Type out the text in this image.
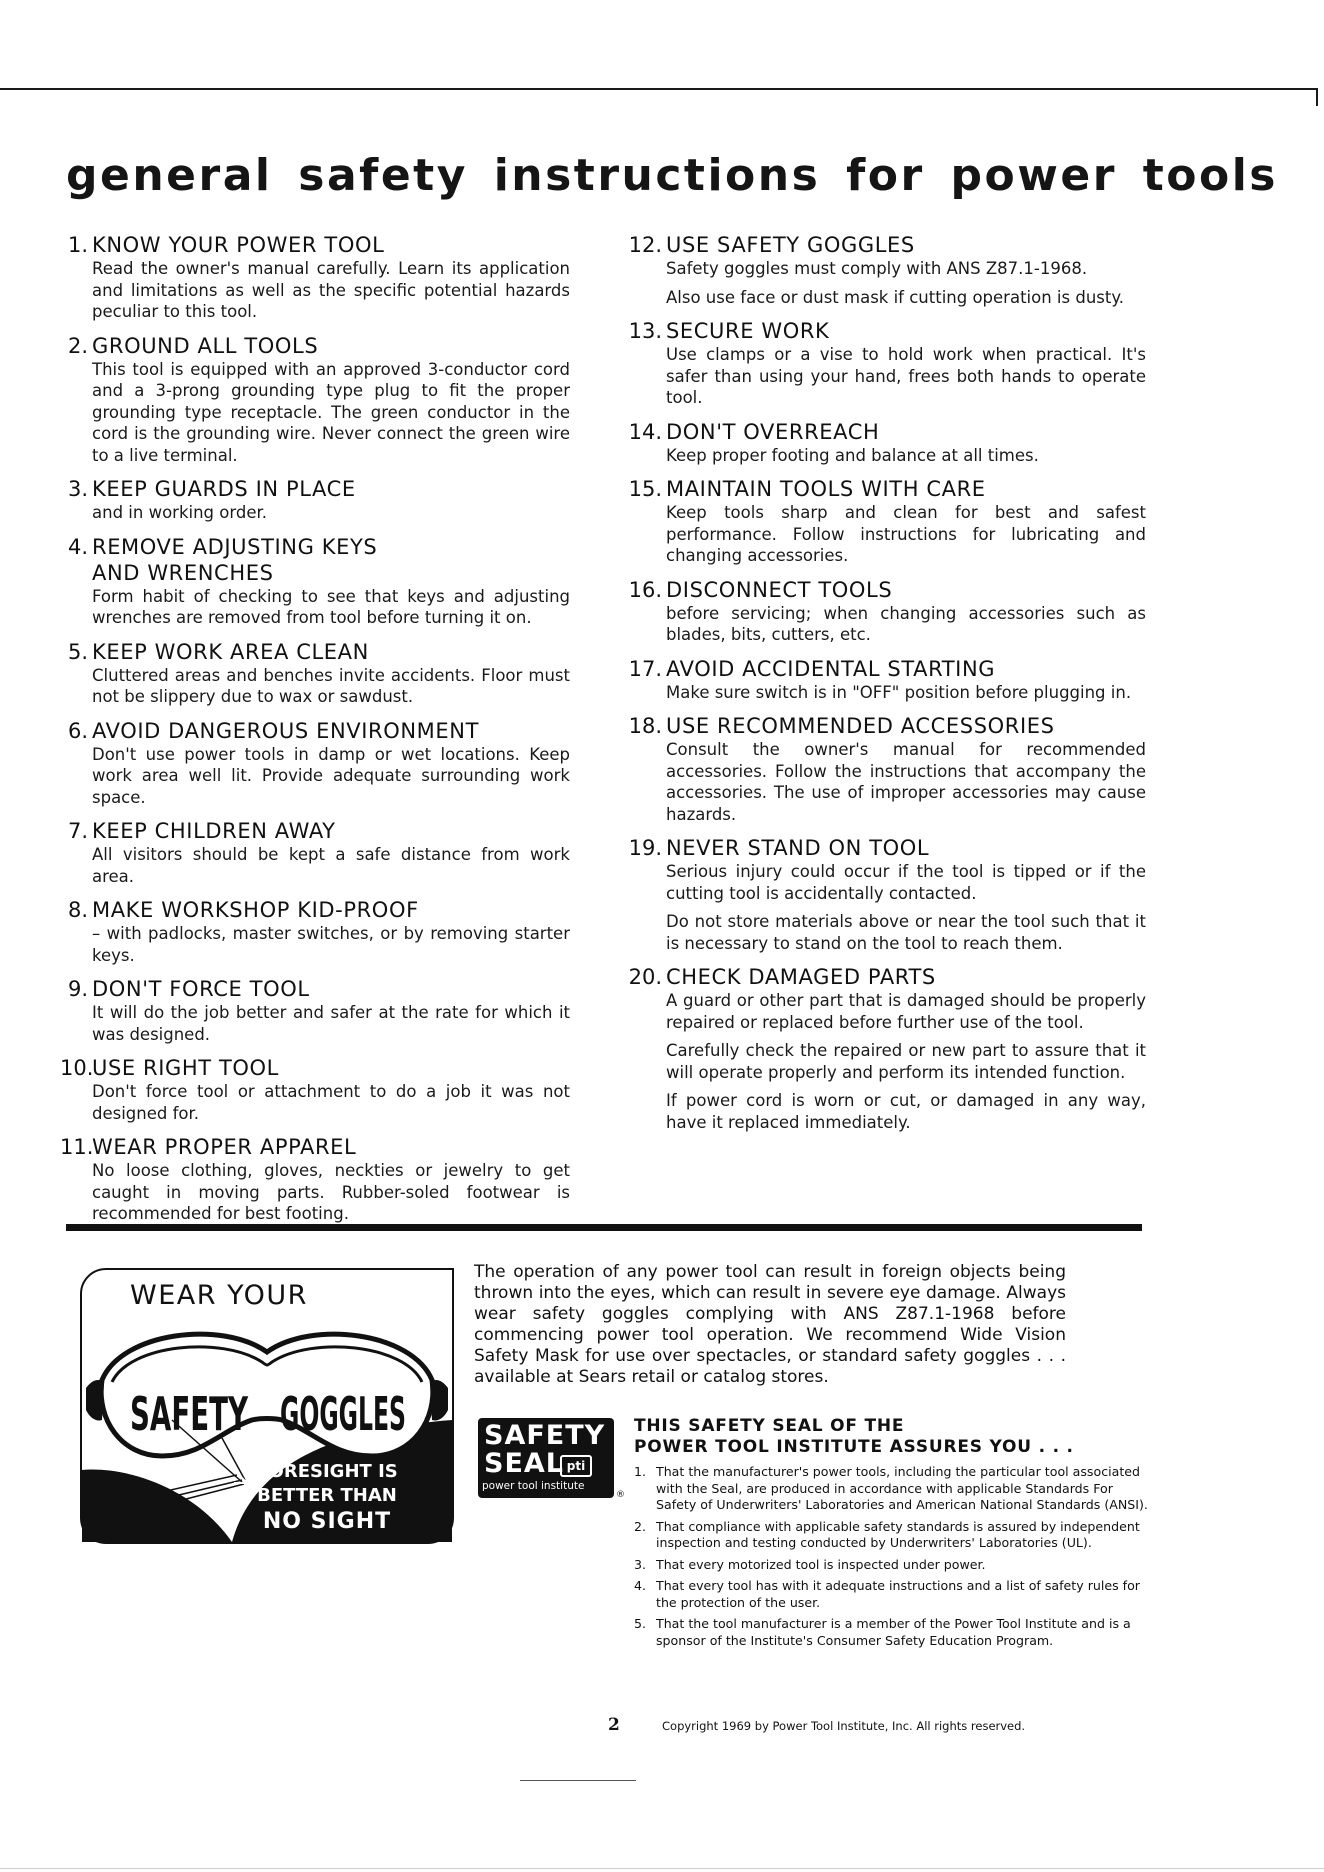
general safety instructions for power tools
1. KNOW YOUR POWER TOOL
Read the owner's manual carefully. Learn its application and limitations as well as the specific potential hazards peculiar to this tool.
2. GROUND ALL TOOLS
This tool is equipped with an approved 3-conductor cord and a 3-prong grounding type plug to fit the proper grounding type receptacle. The green conductor in the cord is the grounding wire. Never connect the green wire to a live terminal.
3. KEEP GUARDS IN PLACE
and in working order.
4. REMOVE ADJUSTING KEYS
AND WRENCHES
Form habit of checking to see that keys and adjusting wrenches are removed from tool before turning it on.
5. KEEP WORK AREA CLEAN
Cluttered areas and benches invite accidents. Floor must not be slippery due to wax or sawdust.
6. AVOID DANGEROUS ENVIRONMENT
Don't use power tools in damp or wet locations. Keep work area well lit. Provide adequate surrounding work space.
7. KEEP CHILDREN AWAY
All visitors should be kept a safe distance from work area.
8. MAKE WORKSHOP KID-PROOF
– with padlocks, master switches, or by removing starter keys.
9. DON'T FORCE TOOL
It will do the job better and safer at the rate for which it was designed.
10.
USE RIGHT TOOL
Don't force tool or attachment to do a job it was not designed for.
11.
WEAR PROPER APPAREL
No loose clothing, gloves, neckties or jewelry to get caught in moving parts. Rubber-soled footwear is recommended for best footing.
12. USE SAFETY GOGGLES
Safety goggles must comply with ANS Z87.1-1968.
Also use face or dust mask if cutting operation is dusty.
13. SECURE WORK
Use clamps or a vise to hold work when practical. It's safer than using your hand, frees both hands to operate tool.
14. DON'T OVERREACH
Keep proper footing and balance at all times.
15. MAINTAIN TOOLS WITH CARE
Keep tools sharp and clean for best and safest performance. Follow instructions for lubricating and changing accessories.
16. DISCONNECT TOOLS
before servicing; when changing accessories such as blades, bits, cutters, etc.
17. AVOID ACCIDENTAL STARTING
Make sure switch is in "OFF" position before plugging in.
18. USE RECOMMENDED ACCESSORIES
Consult the owner's manual for recommended accessories. Follow the instructions that accompany the accessories. The use of improper accessories may cause hazards.
19. NEVER STAND ON TOOL
Serious injury could occur if the tool is tipped or if the cutting tool is accidentally contacted.
Do not store materials above or near the tool such that it is necessary to stand on the tool to reach them.
20. CHECK DAMAGED PARTS
A guard or other part that is damaged should be properly repaired or replaced before further use of the tool.
Carefully check the repaired or new part to assure that it will operate properly and perform its intended function.
If power cord is worn or cut, or damaged in any way, have it replaced immediately.
SAFETY GOGGLES
WEAR YOUR
FORESIGHT IS
BETTER THAN
NO SIGHT

The operation of any power tool can result in foreign objects being thrown into the eyes, which can result in severe eye damage. Always wear safety goggles complying with ANS Z87.1-1968 before commencing power tool operation. We recommend Wide Vision Safety Mask for use over spectacles, or standard safety goggles . . . available at Sears retail or catalog stores.

SAFETY
SEAL pti
power tool institute
®
THIS SAFETY SEAL OF THE
POWER TOOL INSTITUTE ASSURES YOU . . .
1. That the manufacturer's power tools, including the particular tool associated with the Seal, are produced in accordance with applicable Standards For Safety of Underwriters' Laboratories and American National Standards (ANSI).
2. That compliance with applicable safety standards is assured by independent inspection and testing conducted by Underwriters' Laboratories (UL).
3. That every motorized tool is inspected under power.
4. That every tool has with it adequate instructions and a list of safety rules for the protection of the user.
5. That the tool manufacturer is a member of the Power Tool Institute and is a sponsor of the Institute's Consumer Safety Education Program.
2	Copyright 1969 by Power Tool Institute, Inc. All rights reserved.
